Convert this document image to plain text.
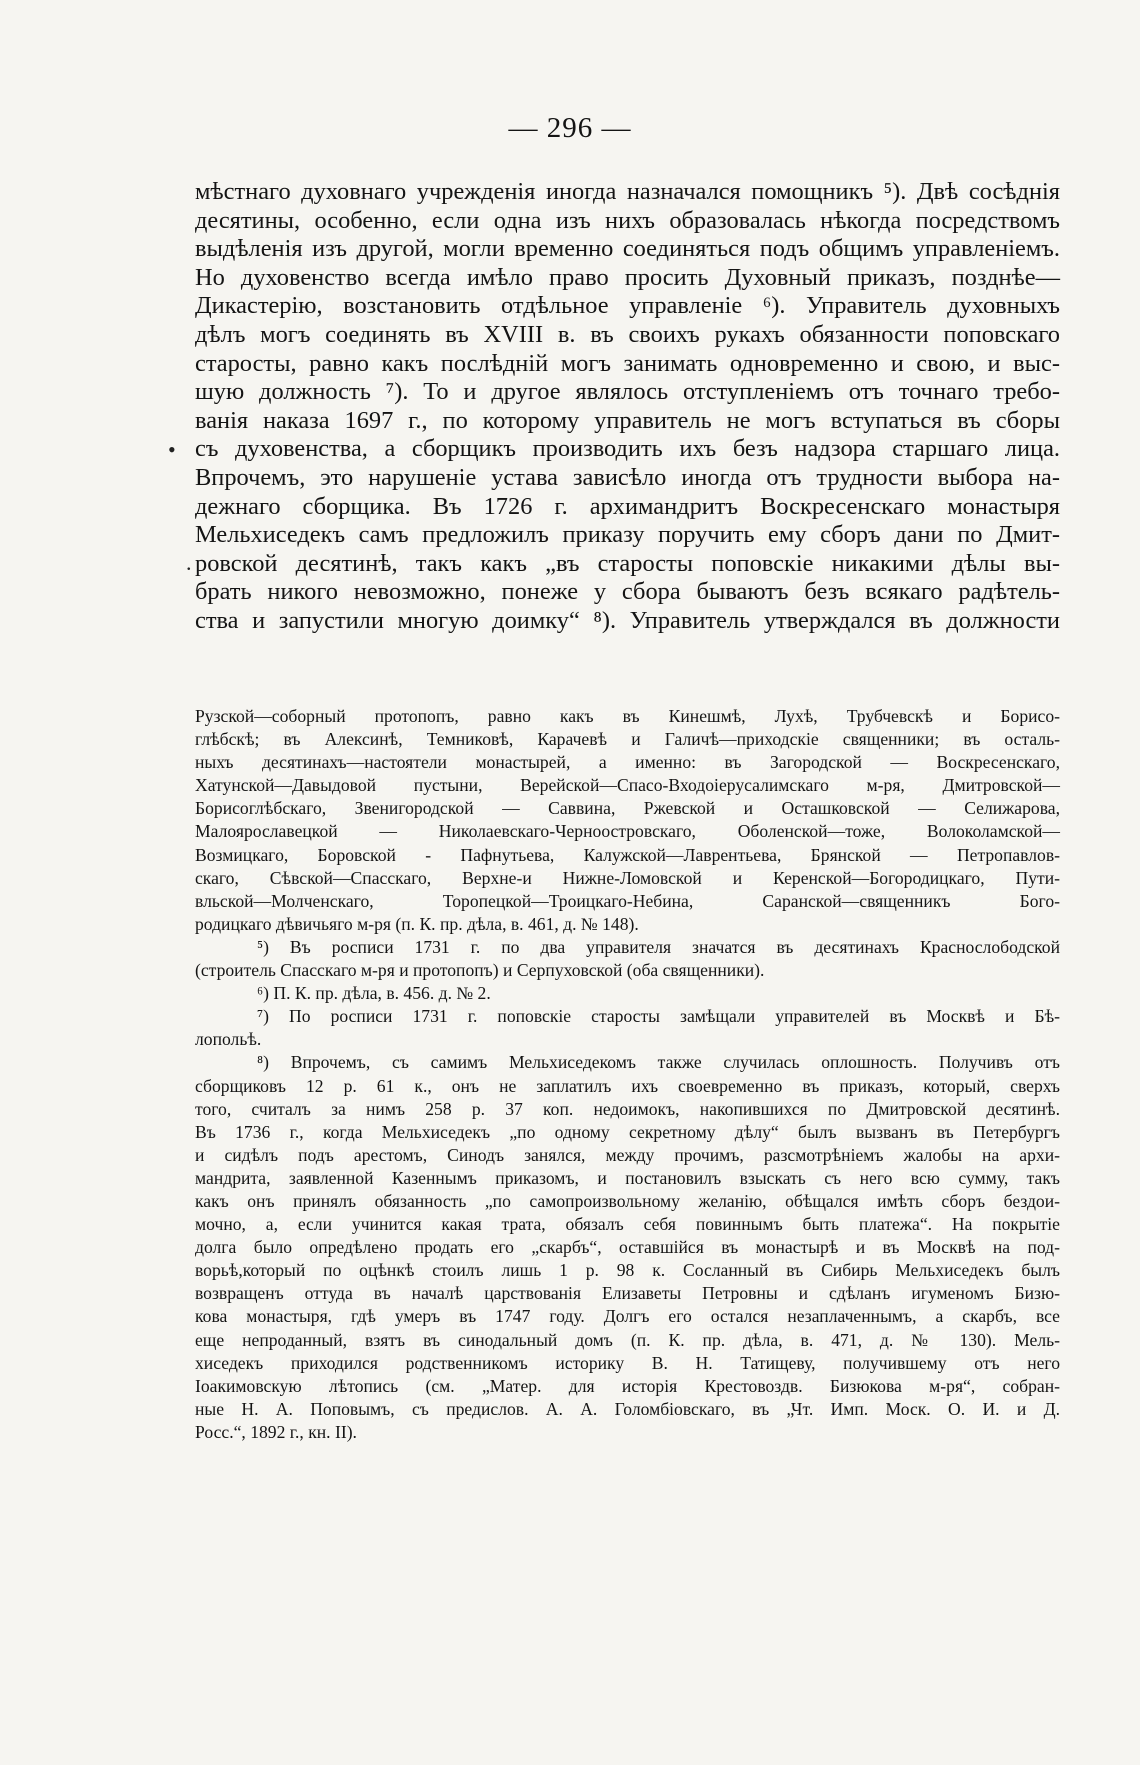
— 296 —
мѣстнаго духовнаго учрежденія иногда назначался помощникъ ⁵). Двѣ сосѣднія
десятины, особенно, если одна изъ нихъ образовалась нѣкогда посредствомъ
выдѣленія изъ другой, могли временно соединяться подъ общимъ управленіемъ.
Но духовенство всегда имѣло право просить Духовный приказъ, позднѣе—
Дикастерію, возстановить отдѣльное управленіе ⁶). Управитель духовныхъ
дѣлъ могъ соединять въ XVIII в. въ своихъ рукахъ обязанности поповскаго
старосты, равно какъ послѣдній могъ занимать одновременно и свою, и выс-
шую должность ⁷). То и другое являлось отступленіемъ отъ точнаго требо-
ванія наказа 1697 г., по которому управитель не могъ вступаться въ сборы
съ духовенства, а сборщикъ производить ихъ безъ надзора старшаго лица.
Впрочемъ, это нарушеніе устава зависѣло иногда отъ трудности выбора на-
дежнаго сборщика. Въ 1726 г. архимандритъ Воскресенскаго монастыря
Мельхиседекъ самъ предложилъ приказу поручить ему сборъ дани по Дмит-
ровской десятинѣ, такъ какъ „въ старосты поповскіе никакими дѣлы вы-
брать никого невозможно, понеже у сбора бываютъ безъ всякаго радѣтель-
ства и запустили многую доимку“ ⁸). Управитель утверждался въ должности
•
.
Рузской—соборный протопопъ, равно какъ въ Кинешмѣ, Лухѣ, Трубчевскѣ и Борисо-
глѣбскѣ; въ Алексинѣ, Темниковѣ, Карачевѣ и Галичѣ—приходскіе священники; въ осталь-
ныхъ десятинахъ—настоятели монастырей, а именно: въ Загородской — Воскресенскаго,
Хатунской—Давыдовой пустыни, Верейской—Спасо-Входоіерусалимскаго м-ря, Дмитровской—
Борисоглѣбскаго, Звенигородской — Саввина, Ржевской и Осташковской — Селижарова,
Малоярославецкой — Николаевскаго-Черноостровскаго, Оболенской—тоже, Волоколамской—
Возмицкаго, Боровской - Пафнутьева, Калужской—Лаврентьева, Брянской — Петропавлов-
скаго, Сѣвской—Спасскаго, Верхне-и Нижне-Ломовской и Керенской—Богородицкаго, Пути-
вльской—Молченскаго, Торопецкой—Троицкаго-Небина, Саранской—священникъ Бого-
родицкаго дѣвичьяго м-ря (п. К. пр. дѣла, в. 461, д. № 148).
⁵) Въ росписи 1731 г. по два управителя значатся въ десятинахъ Краснослободской
(строитель Спасскаго м-ря и протопопъ) и Серпуховской (оба священники).
⁶) П. К. пр. дѣла, в. 456. д. № 2.
⁷) По росписи 1731 г. поповскіе старосты замѣщали управителей въ Москвѣ и Бѣ-
лопольѣ.
⁸) Впрочемъ, съ самимъ Мельхиседекомъ также случилась оплошность. Получивъ отъ
сборщиковъ 12 р. 61 к., онъ не заплатилъ ихъ своевременно въ приказъ, который, сверхъ
того, считалъ за нимъ 258 р. 37 коп. недоимокъ, накопившихся по Дмитровской десятинѣ.
Въ 1736 г., когда Мельхиседекъ „по одному секретному дѣлу“ былъ вызванъ въ Петербургъ
и сидѣлъ подъ арестомъ, Синодъ занялся, между прочимъ, разсмотрѣніемъ жалобы на архи-
мандрита, заявленной Казеннымъ приказомъ, и постановилъ взыскать съ него всю сумму, такъ
какъ онъ принялъ обязанность „по самопроизвольному желанію, обѣщался имѣть сборъ бездои-
мочно, а, если учинится какая трата, обязалъ себя повиннымъ быть платежа“. На покрытіе
долга было опредѣлено продать его „скарбъ“, оставшійся въ монастырѣ и въ Москвѣ на под-
ворьѣ,который по оцѣнкѣ стоилъ лишь 1 р. 98 к. Сосланный въ Сибирь Мельхиседекъ былъ
возвращенъ оттуда въ началѣ царствованія Елизаветы Петровны и сдѣланъ игуменомъ Бизю-
кова монастыря, гдѣ умеръ въ 1747 году. Долгъ его остался незаплаченнымъ, а скарбъ, все
еще непроданный, взятъ въ синодальный домъ (п. К. пр. дѣла, в. 471, д. № 130). Мель-
хиседекъ приходился родственникомъ историку В. Н. Татищеву, получившему отъ него
Іоакимовскую лѣтопись (см. „Матер. для исторія Крестовоздв. Бизюкова м-ря“, собран-
ные Н. А. Поповымъ, съ предислов. А. А. Голомбіовскаго, въ „Чт. Имп. Моск. О. И. и Д.
Росс.“, 1892 г., кн. II).
